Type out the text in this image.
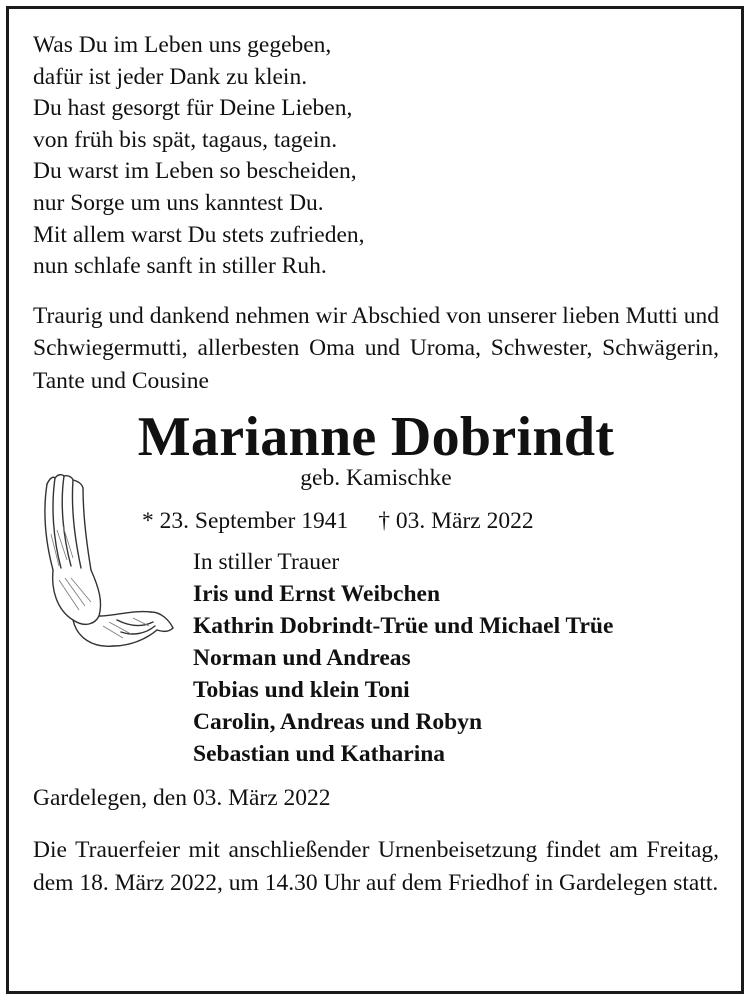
Was Du im Leben uns gegeben,
dafür ist jeder Dank zu klein.
Du hast gesorgt für Deine Lieben,
von früh bis spät, tagaus, tagein.
Du warst im Leben so bescheiden,
nur Sorge um uns kanntest Du.
Mit allem warst Du stets zufrieden,
nun schlafe sanft in stiller Ruh.
Traurig und dankend nehmen wir Abschied von unserer lieben Mutti und Schwiegermutti, allerbesten Oma und Uroma, Schwester, Schwägerin, Tante und Cousine
Marianne Dobrindt
geb. Kamischke
* 23. September 1941 † 03. März 2022
In stiller Trauer
Iris und Ernst Weibchen
Kathrin Dobrindt-Trüe und Michael Trüe
Norman und Andreas
Tobias und klein Toni
Carolin, Andreas und Robyn
Sebastian und Katharina
Gardelegen, den 03. März 2022
Die Trauerfeier mit anschließender Urnenbeisetzung findet am Freitag, dem 18. März 2022, um 14.30 Uhr auf dem Friedhof in Gardelegen statt.
